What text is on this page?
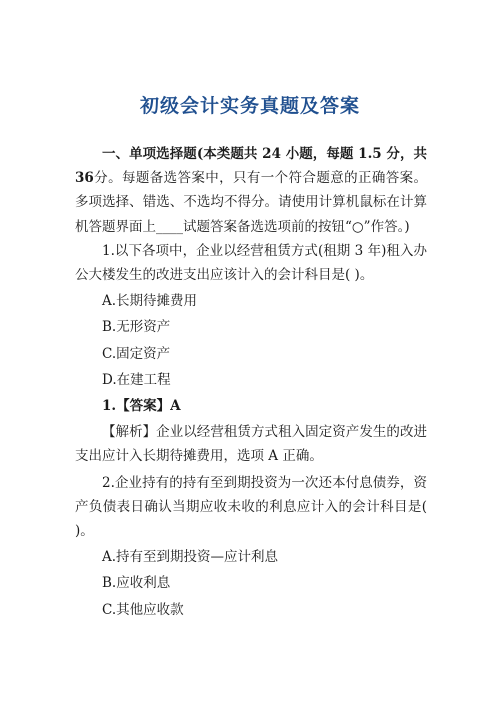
初级会计实务真题及答案

一、单项选择题(本类题共 24 小题，每题 1.5 分，共 36分。每题备选答案中，只有一个符合题意的正确答案。多项选择、错选、不选均不得分。请使用计算机鼠标在计算机答题界面上____试题答案备选选项前的按钮“○”作答。)

1.以下各项中，企业以经营租赁方式(租期 3 年)租入办公大楼发生的改进支出应该计入的会计科目是( )。

A.长期待摊费用

B.无形资产

C.固定资产

D.在建工程

1.【答案】A

【解析】企业以经营租赁方式租入固定资产发生的改进支出应计入长期待摊费用，选项 A 正确。

2.企业持有的持有至到期投资为一次还本付息债券，资产负债表日确认当期应收未收的利息应计入的会计科目是( )。

A.持有至到期投资—应计利息

B.应收利息

C.其他应收款
